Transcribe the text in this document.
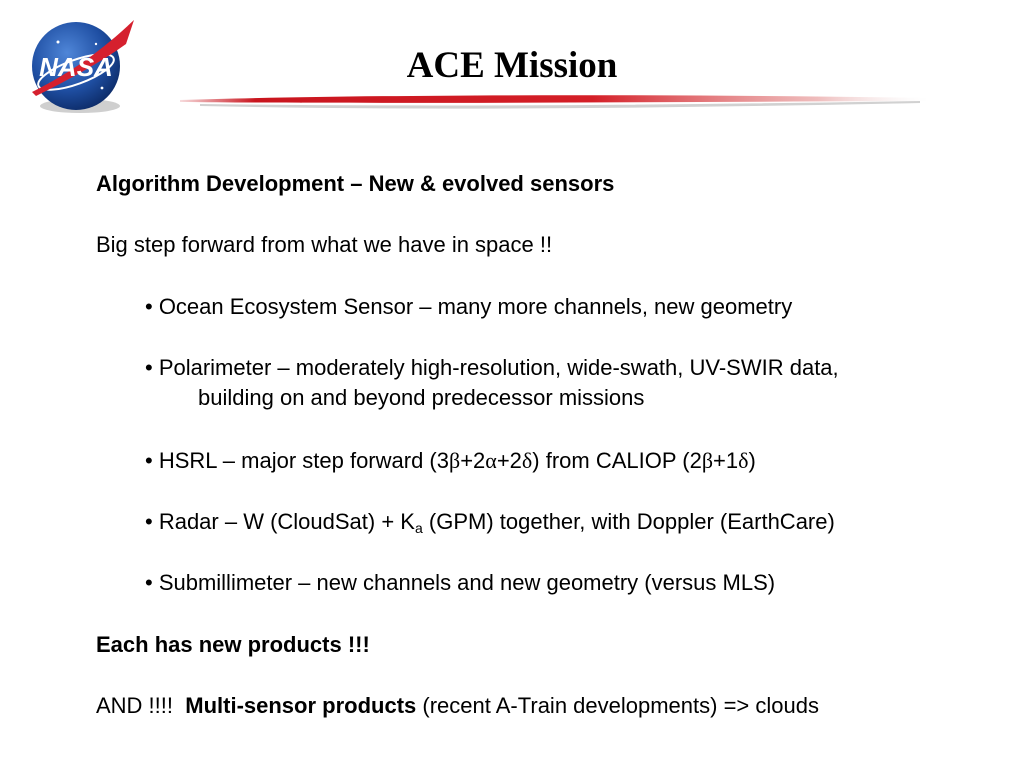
NASA	ACE Mission
Algorithm Development – New & evolved sensors
Big step forward from what we have in space !!
• Ocean Ecosystem Sensor – many more channels, new geometry
• Polarimeter – moderately high-resolution, wide-swath, UV-SWIR data,
building on and beyond predecessor missions
• HSRL – major step forward (3β+2α+2δ) from CALIOP (2β+1δ)
• Radar – W (CloudSat) + $K_a$ (GPM) together, with Doppler (EarthCare)
• Submillimeter – new channels and new geometry (versus MLS)
Each has new products !!!
AND !!!!  Multi-sensor products (recent A-Train developments) => clouds
